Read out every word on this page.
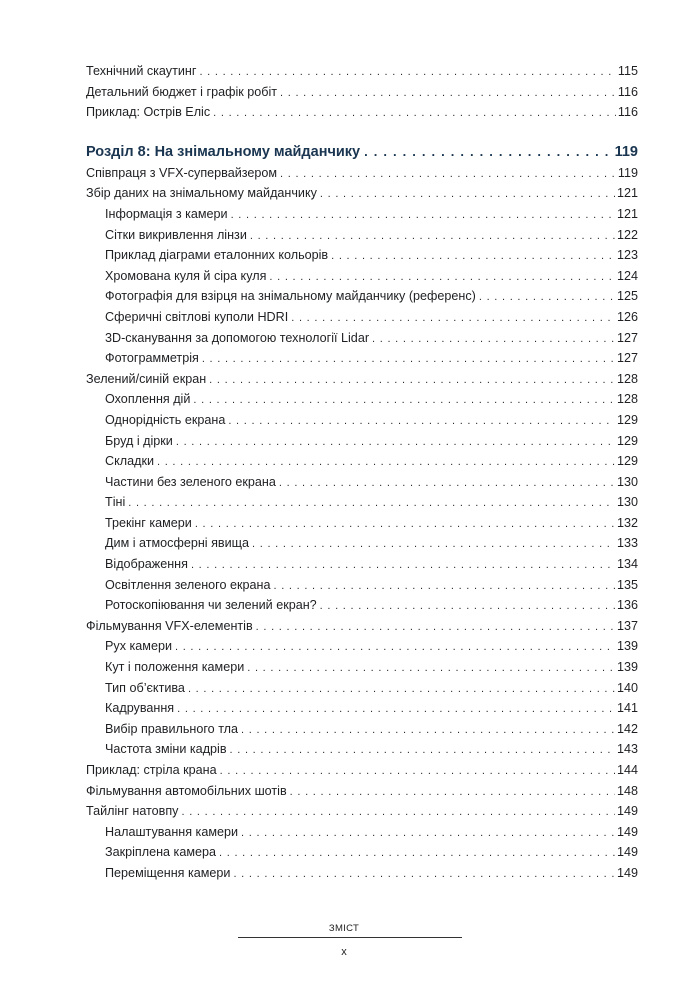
Технічний скаутинг . . .	115
Детальний бюджет і графік робіт . . .	116
Приклад: Острів Еліс . . .	116
Розділ 8: На знімальному майданчику . . .	119
Співпраця з VFX-супервайзером . . .	119
Збір даних на знімальному майданчику . . .	121
Інформація з камери . . .	121
Сітки викривлення лінзи . . .	122
Приклад діаграми еталонних кольорів . . .	123
Хромована куля й сіра куля . . .	124
Фотографія для взірця на знімальному майданчику (референс) . . .	125
Сферичні світлові куполи HDRI . . .	126
3D-сканування за допомогою технології Lidar . . .	127
Фотограмметрія . . .	127
Зелений/синій екран . . .	128
Охоплення дій . . .	128
Однорідність екрана . . .	129
Бруд і дірки . . .	129
Складки . . .	129
Частини без зеленого екрана . . .	130
Тіні . . .	130
Трекінг камери . . .	132
Дим і атмосферні явища . . .	133
Відображення . . .	134
Освітлення зеленого екрана . . .	135
Ротоскопіювання чи зелений екран? . . .	136
Фільмування VFX-елементів . . .	137
Рух камери . . .	139
Кут і положення камери . . .	139
Тип об’єктива . . .	140
Кадрування . . .	141
Вибір правильного тла . . .	142
Частота зміни кадрів . . .	143
Приклад: стріла крана . . .	144
Фільмування автомобільних шотів . . .	148
Тайлінг натовпу . . .	149
Налаштування камери . . .	149
Закріплена камера . . .	149
Переміщення камери . . .	149
ЗМІСТ
x
